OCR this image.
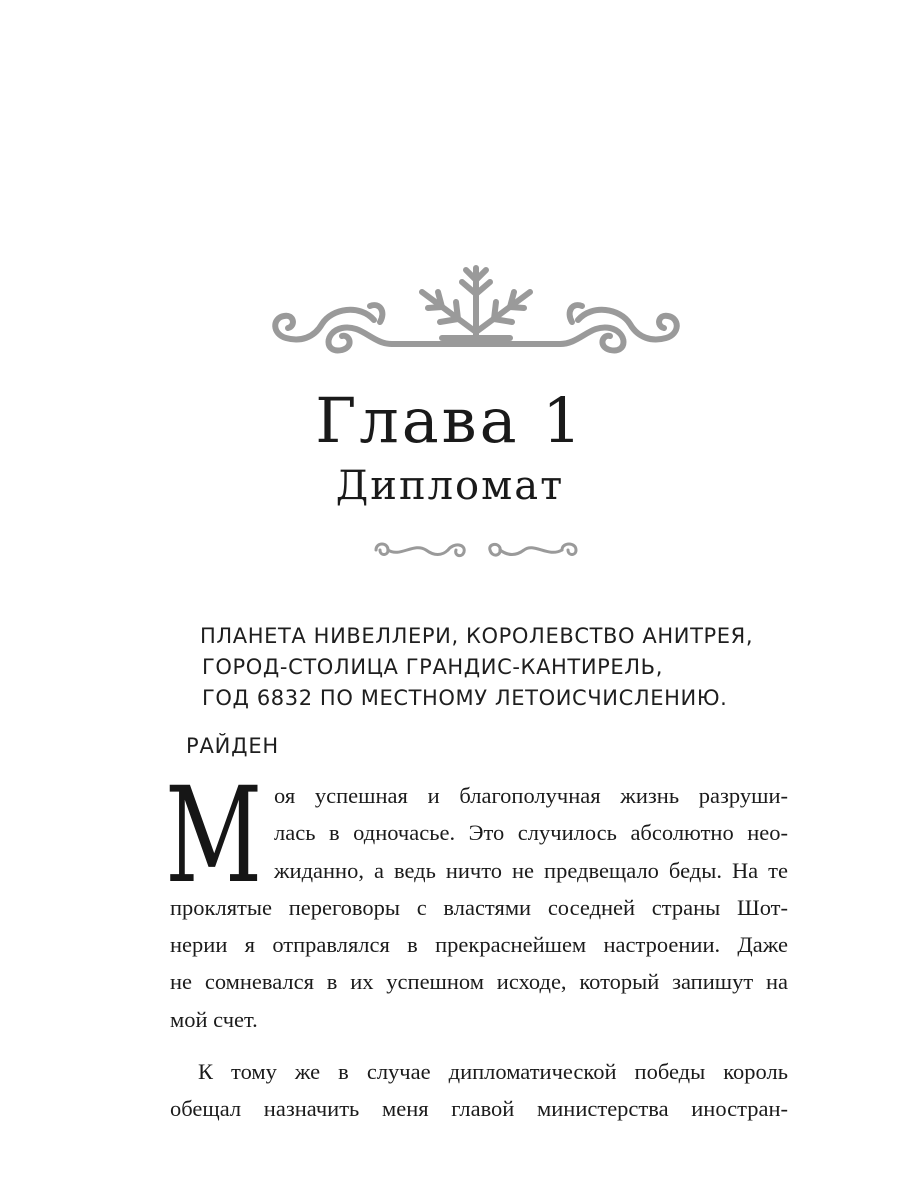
Глава 1
Дипломат
ПЛАНЕТА НИВЕЛЛЕРИ, КОРОЛЕВСТВО АНИТРЕЯ,
ГОРОД-СТОЛИЦА ГРАНДИС-КАНТИРЕЛЬ,
ГОД 6832 ПО МЕСТНОМУ ЛЕТОИСЧИСЛЕНИЮ.
РАЙДЕН
М оя успешная и благополучная жизнь разруши-
лась в одночасье. Это случилось абсолютно нео-
жиданно, а ведь ничто не предвещало беды. На те
проклятые переговоры с властями соседней страны Шот-
нерии я отправлялся в прекраснейшем настроении. Даже
не сомневался в их успешном исходе, который запишут на
мой счет.
К тому же в случае дипломатической победы король
обещал назначить меня главой министерства иностран-
